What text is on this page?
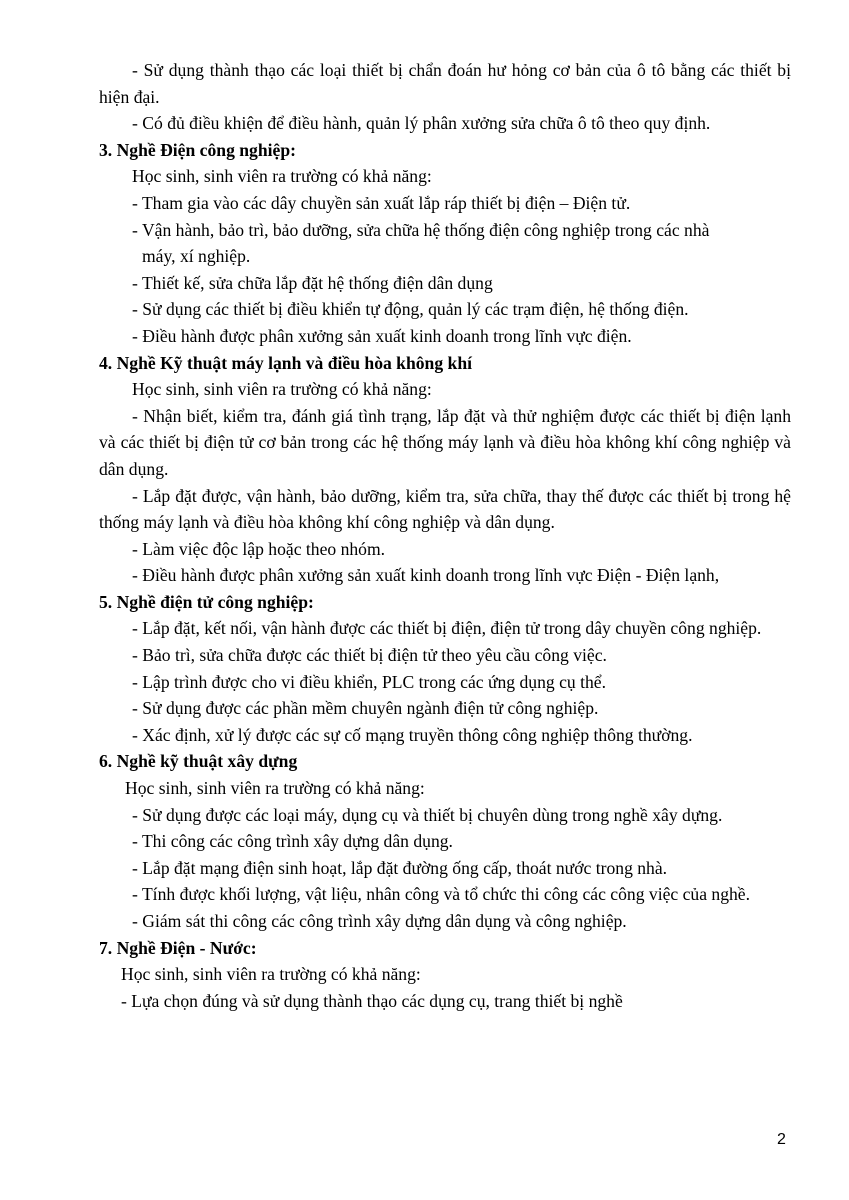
- Sử dụng thành thạo các loại thiết bị chẩn đoán hư hỏng cơ bản của ô tô bằng các thiết bị hiện đại.

- Có đủ điều khiện để điều hành, quản lý phân xưởng sửa chữa ô tô theo quy định.

3. Nghề Điện công nghiệp:

Học sinh, sinh viên ra trường có khả năng:

- Tham gia vào các dây chuyền sản xuất lắp ráp thiết bị điện – Điện tử.

- Vận hành, bảo trì, bảo dưỡng, sửa chữa hệ thống điện công nghiệp trong các nhà

máy, xí nghiệp.

- Thiết kế, sửa chữa lắp đặt hệ thống điện dân dụng

- Sử dụng các thiết bị điều khiển tự động, quản lý các trạm điện, hệ thống điện.

- Điều hành được phân xưởng sản xuất kinh doanh trong lĩnh vực điện.

4. Nghề Kỹ thuật máy lạnh và điều hòa không khí

Học sinh, sinh viên ra trường có khả năng:

- Nhận biết, kiểm tra, đánh giá tình trạng, lắp đặt và thử nghiệm được các thiết bị điện lạnh và các thiết bị điện tử cơ bản trong các hệ thống máy lạnh và điều hòa không khí công nghiệp và dân dụng.

- Lắp đặt được, vận hành, bảo dưỡng, kiểm tra, sửa chữa, thay thế được các thiết bị trong hệ thống máy lạnh và điều hòa không khí công nghiệp và dân dụng.

- Làm việc độc lập hoặc theo nhóm.

- Điều hành được phân xưởng sản xuất kinh doanh trong lĩnh vực Điện - Điện lạnh,

5. Nghề điện tử công nghiệp:

- Lắp đặt, kết nối, vận hành được các thiết bị điện, điện tử trong dây chuyền công nghiệp.

- Bảo trì, sửa chữa được các thiết bị điện tử theo yêu cầu công việc.

- Lập trình được cho vi điều khiển, PLC trong các ứng dụng cụ thể.

- Sử dụng được các phần mềm chuyên ngành điện tử công nghiệp.

- Xác định, xử lý được các sự cố mạng truyền thông công nghiệp thông thường.

6. Nghề kỹ thuật xây dựng

Học sinh, sinh viên ra trường có khả năng:

- Sử dụng được các loại máy, dụng cụ và thiết bị chuyên dùng trong nghề xây dựng.

- Thi công các công trình xây dựng dân dụng.

- Lắp đặt mạng điện sinh hoạt, lắp đặt đường ống cấp, thoát nước trong nhà.

- Tính được khối lượng, vật liệu, nhân công và tổ chức thi công các công việc của nghề.

- Giám sát thi công các công trình xây dựng dân dụng và công nghiệp.

7. Nghề Điện - Nước:

Học sinh, sinh viên ra trường có khả năng:

- Lựa chọn đúng và sử dụng thành thạo các dụng cụ, trang thiết bị nghề

2
